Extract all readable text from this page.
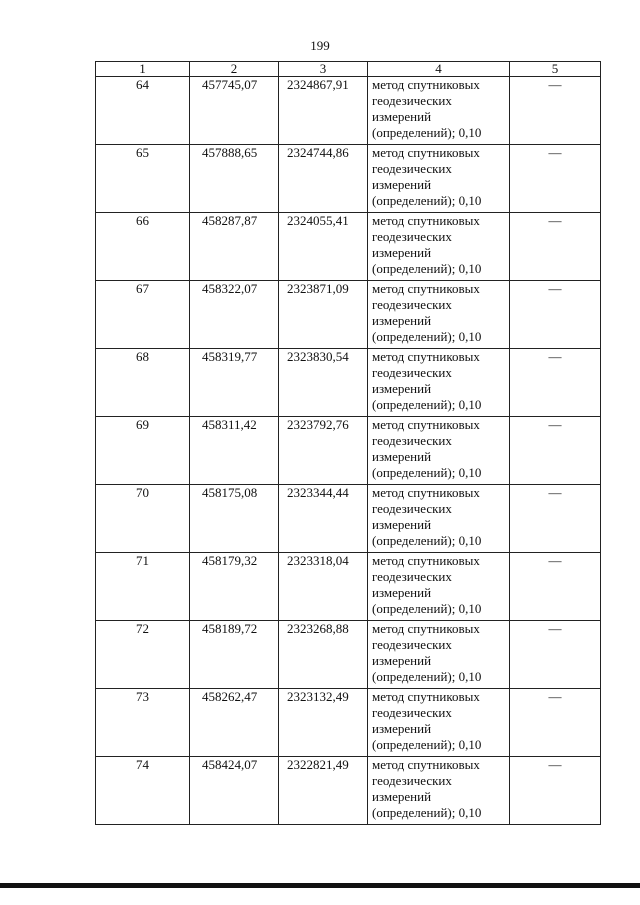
199
1	2	3	4	5
64	457745,07	2324867,91	метод спутниковых
геодезических
измерений
(определений); 0,10	—
65	457888,65	2324744,86	метод спутниковых
геодезических
измерений
(определений); 0,10	—
66	458287,87	2324055,41	метод спутниковых
геодезических
измерений
(определений); 0,10	—
67	458322,07	2323871,09	метод спутниковых
геодезических
измерений
(определений); 0,10	—
68	458319,77	2323830,54	метод спутниковых
геодезических
измерений
(определений); 0,10	—
69	458311,42	2323792,76	метод спутниковых
геодезических
измерений
(определений); 0,10	—
70	458175,08	2323344,44	метод спутниковых
геодезических
измерений
(определений); 0,10	—
71	458179,32	2323318,04	метод спутниковых
геодезических
измерений
(определений); 0,10	—
72	458189,72	2323268,88	метод спутниковых
геодезических
измерений
(определений); 0,10	—
73	458262,47	2323132,49	метод спутниковых
геодезических
измерений
(определений); 0,10	—
74	458424,07	2322821,49	метод спутниковых
геодезических
измерений
(определений); 0,10	—
